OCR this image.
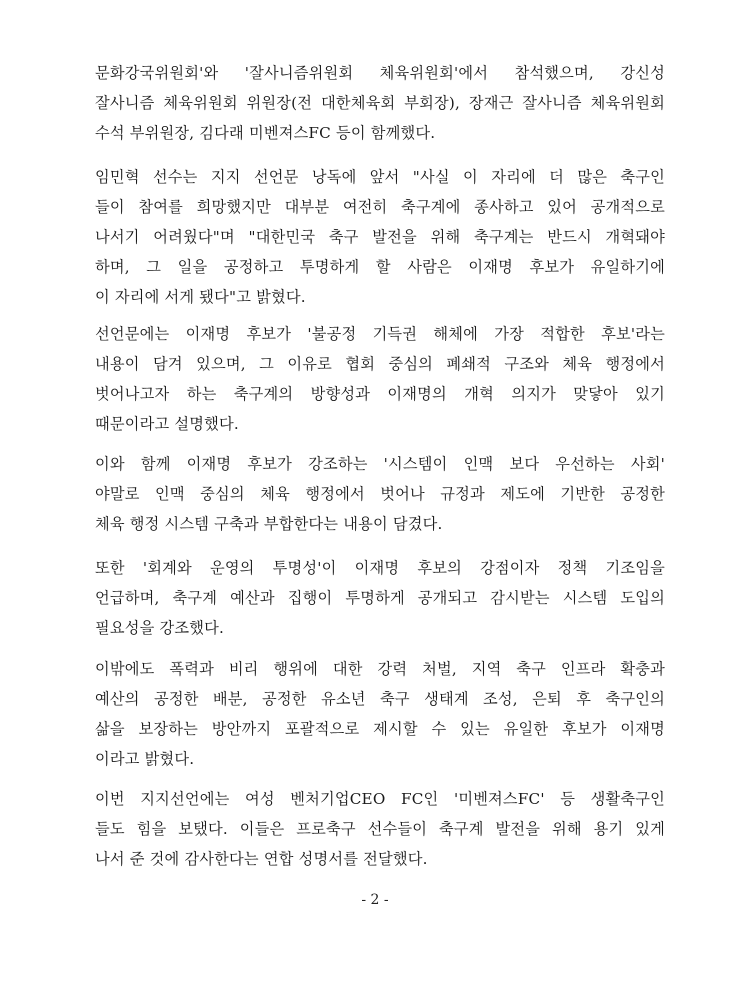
문화강국위원회'와 '잘사니즘위원회 체육위원회'에서 참석했으며, 강신성
잘사니즘 체육위원회 위원장(전 대한체육회 부회장), 장재근 잘사니즘 체육위원회
수석 부위원장, 김다래 미벤져스FC 등이 함께했다.
임민혁 선수는 지지 선언문 낭독에 앞서 "사실 이 자리에 더 많은 축구인
들이 참여를 희망했지만 대부분 여전히 축구계에 종사하고 있어 공개적으로
나서기 어려웠다"며 "대한민국 축구 발전을 위해 축구계는 반드시 개혁돼야
하며, 그 일을 공정하고 투명하게 할 사람은 이재명 후보가 유일하기에
이 자리에 서게 됐다"고 밝혔다.
선언문에는 이재명 후보가 '불공정 기득권 해체에 가장 적합한 후보'라는
내용이 담겨 있으며, 그 이유로 협회 중심의 폐쇄적 구조와 체육 행정에서
벗어나고자 하는 축구계의 방향성과 이재명의 개혁 의지가 맞닿아 있기
때문이라고 설명했다.
이와 함께 이재명 후보가 강조하는 '시스템이 인맥 보다 우선하는 사회'
야말로 인맥 중심의 체육 행정에서 벗어나 규정과 제도에 기반한 공정한
체육 행정 시스템 구축과 부합한다는 내용이 담겼다.
또한 '회계와 운영의 투명성'이 이재명 후보의 강점이자 정책 기조임을
언급하며, 축구계 예산과 집행이 투명하게 공개되고 감시받는 시스템 도입의
필요성을 강조했다.
이밖에도 폭력과 비리 행위에 대한 강력 처벌, 지역 축구 인프라 확충과
예산의 공정한 배분, 공정한 유소년 축구 생태계 조성, 은퇴 후 축구인의
삶을 보장하는 방안까지 포괄적으로 제시할 수 있는 유일한 후보가 이재명
이라고 밝혔다.
이번 지지선언에는 여성 벤처기업CEO FC인 '미벤져스FC' 등 생활축구인
들도 힘을 보탰다. 이들은 프로축구 선수들이 축구계 발전을 위해 용기 있게
나서 준 것에 감사한다는 연합 성명서를 전달했다.
- 2 -
